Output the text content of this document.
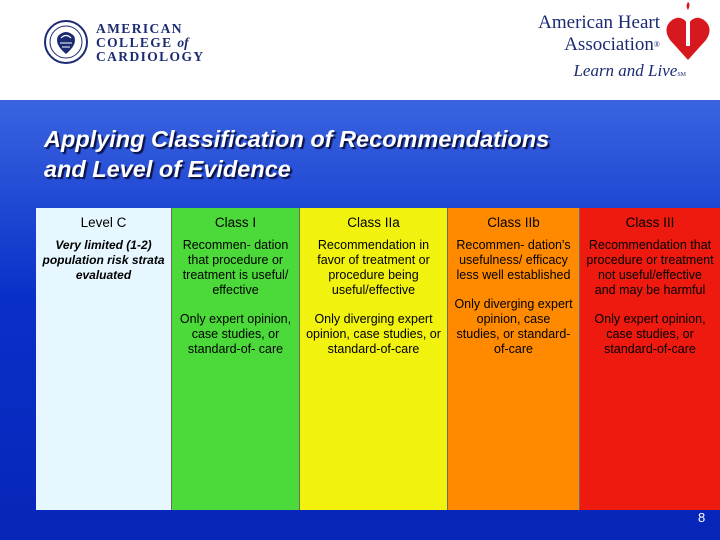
AMERICAN
COLLEGE of
CARDIOLOGY
American Heart
Association®
Learn and LiveSM
Applying Classification of Recommendations
and Level of Evidence
Level C
Very limited (1-2) population risk strata evaluated
Class I
Recommen- dation that procedure or treatment is useful/ effective
Only expert opinion, case studies, or standard-of- care
Class IIa
Recommendation in favor of treatment or procedure being useful/effective
Only diverging expert opinion, case studies, or standard-of-care
Class IIb
Recommen- dation's usefulness/ efficacy less well established
Only diverging expert opinion, case studies, or standard-of-care
Class III
Recommendation that procedure or treatment not useful/effective and may be harmful
Only expert opinion, case studies, or standard-of-care
8
